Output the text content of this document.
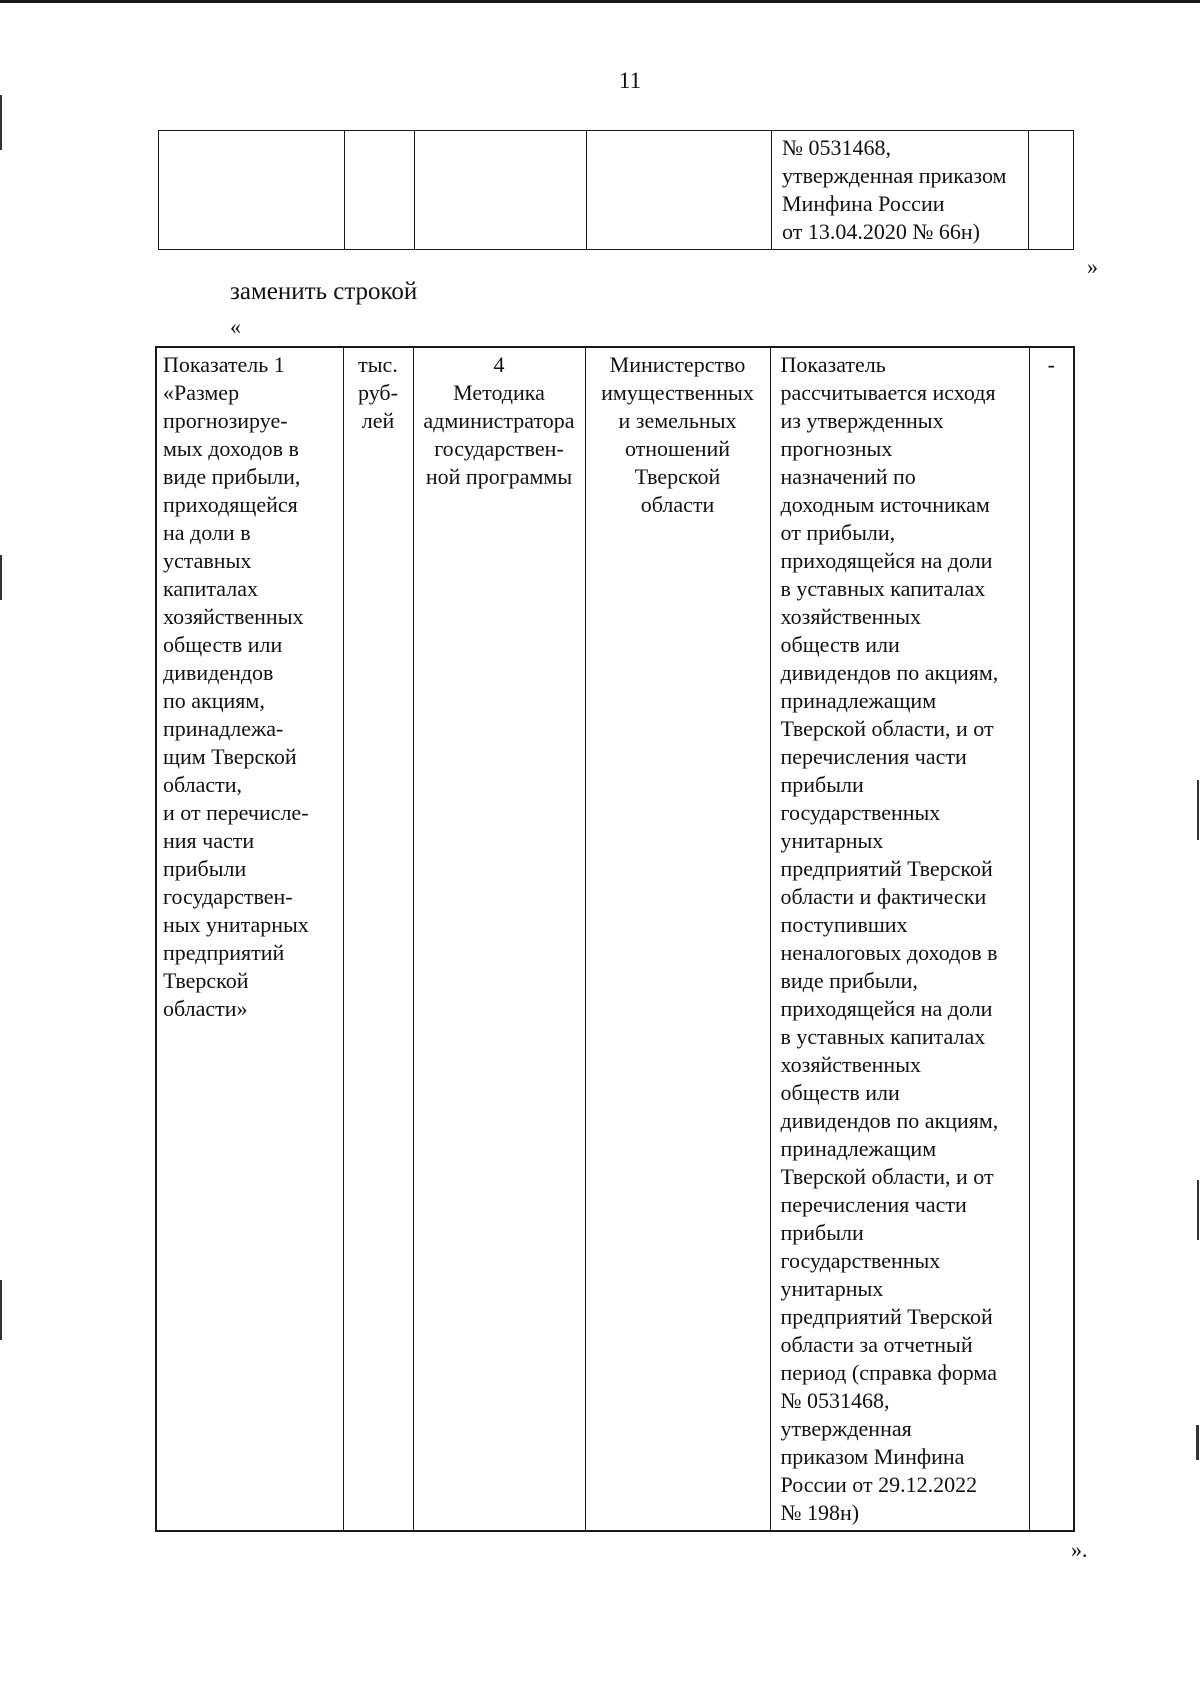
11
				№ 0531468,
утвержденная приказом
Минфина России
от 13.04.2020 № 66н)	
»
заменить строкой
«
Показатель 1
«Размер
прогнозируе-
мых доходов в
виде прибыли,
приходящейся
на доли в
уставных
капиталах
хозяйственных
обществ или
дивидендов
по акциям,
принадлежа-
щим Тверской
области,
и от перечисле-
ния части
прибыли
государствен-
ных унитарных
предприятий
Тверской
области»	тыс.
руб-
лей	4
Методика
администратора
государствен-
ной программы	Министерство
имущественных
и земельных
отношений
Тверской
области	Показатель
рассчитывается исходя
из утвержденных
прогнозных
назначений по
доходным источникам
от прибыли,
приходящейся на доли
в уставных капиталах
хозяйственных
обществ или
дивидендов по акциям,
принадлежащим
Тверской области, и от
перечисления части
прибыли
государственных
унитарных
предприятий Тверской
области и фактически
поступивших
неналоговых доходов в
виде прибыли,
приходящейся на доли
в уставных капиталах
хозяйственных
обществ или
дивидендов по акциям,
принадлежащим
Тверской области, и от
перечисления части
прибыли
государственных
унитарных
предприятий Тверской
области за отчетный
период (справка форма
№ 0531468,
утвержденная
приказом Минфина
России от 29.12.2022
№ 198н)	-
».
